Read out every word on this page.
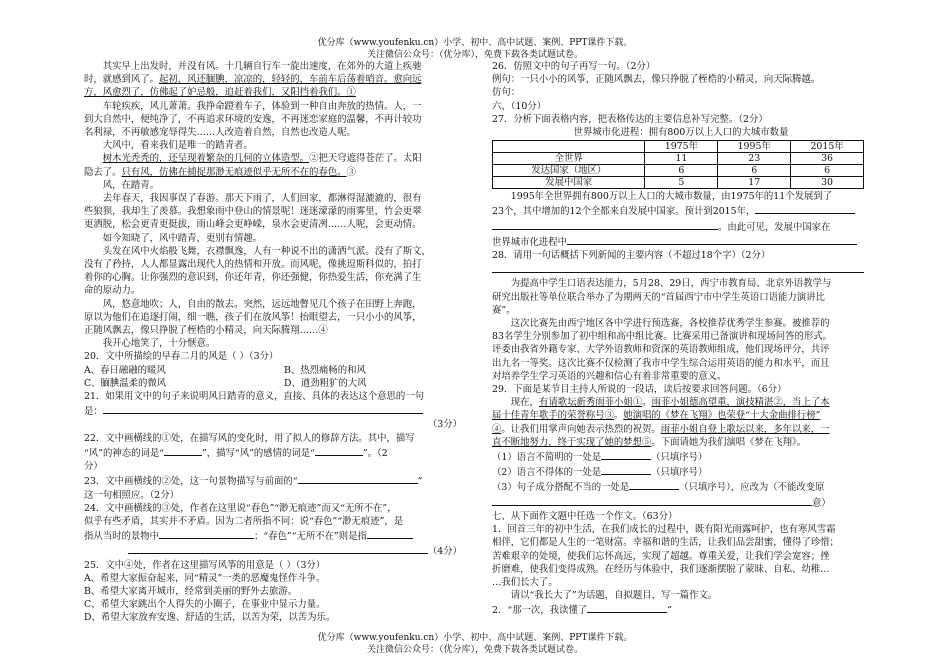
优分库（www.youfenku.cn）小学、初中、高中试题、案例、PPT课件下载。
关注微信公众号：（优分库），免费下载各类试题试卷。

其实早上出发时，并没有风。十几辆自行车一旋出速度，在郊外的大道上疾驰

时，就感到风了。起初，风还腼腆，凉凉的，轻轻的，车前车后荡着哨音。愈向远

方，风愈烈了，仿佛起了妒忌般，追赶着我们，又阳挡着我们。①

车轮疾疾，风儿萧萧。我挣命蹬着车子，体验到一种自由奔放的热情。人，一

到大自然中，便纯净了，不再追求环境的安逸，不再迷恋家庭的温馨，不再计较功

名利禄，不再敏感宠辱得失……人改造着自然，自然也改造人呢。

大风中，看来我们是唯一的踏青者。

树木光秃秃的，还呈现着繁杂的几何的立体造型。②把天穹遮得苍茫了。太阳

隐去了。只有风，仿佛在捕捉那渺无痕迹似乎无所不在的春色。③

风，在踏青。

去年春天，我因事误了春游。那天下雨了，人们回家，都淋得湿漉漉的，很有

些狼狈，我却生了羡慕。我想象雨中登山的情景呢！迷迷濛濛的雨雾里，竹会更翠

更洒脱，松会更青更挺拔，雨山峰会更峥嵘，泉水会更清冽……人呢，会更动情。

如今知晓了，风中踏青，更别有情趣。

头发在风中火焰般飞舞，衣襟飘逸，人有一种说不出的潇洒气派。没有了斯文，

没有了矜持，人人都显露出现代人的热情和开放。而风呢，像挑逗斯科似的，拍打

着你的心胸。让你强烈的意识到，你还年青，你还强健，你热爱生活，你充满了生

命的原动力。

风，悠意地吹；人，自由的散去。突然，远远地瞥见几个孩子在田野上奔跑，

原以为他们在追逐打闹，细一瞧，孩子们在放风筝！抬眼望去，一只小小的风筝，

正随风飘去，像只挣脱了桎梏的小精灵，向天际腾翔……④

我开心地笑了，十分惬意。

20．文中所描绘的早春二月的风是（ ）（3分）

A、春日融融的暖风	B、热烈痛畅的和风

C、腼腆温柔的微风	D、遒劲粗犷的大风

21．如果用文中的句子来说明风日踏青的意义，直接、具体的表达这个意思的一句

是：

（3分）

22．文中画横线的①处，在描写风的变化时，用了拟人的修辞方法。其中，描写

“风”的神态的词是“	”，描写“风”的感情的词是“	”。（2

分）

23．文中画横线的②处，这一句景物描写与前面的“	”

这一句相照应。（2分）

24．文中画横线的③处，作者在这里说“春色”“渺无痕迹”而又“无所不在”，

似乎有些矛盾，其实并不矛盾。因为二者所指不同：说“春色”“渺无痕迹”，是

指从当时的景物中	；“春色”“无所不在”则是指

（4分）

25．文中④处，作者在这里描写风筝的用意是（ ）（3分）

A、希望大家振奋起来，同“精灵”一类的恶魔鬼怪作斗争。

B、希望大家离开城市，经常到美丽的野外去旅游。

C、希望大家跳出个人得失的小圈子，在事业中显示力量。

D、希望大家放弃安逸、舒适的生活，以苦为荣，以苦为乐。

26．仿照文中的句子再写一句。（2分）

例句：一只小小的风筝，正随风飘去，像只挣脱了桎梏的小精灵，向天际腾越。

仿句：

六、（10分）

27．分析下面表格内容，把表格传达的主要信息补写完整。（2分）

世界城市化进程：拥有800万以上人口的大城市数量

	1975年	1995年	2015年
全世界	11	23	36
发达国家（地区）	6	6	6
发展中国家	5	17	30

1995年全世界拥有800万以上人口的大城市数量，由1975年的11个发展到了

23个，其中增加的12个全都来自发展中国家。预计到2015年，

。由此可见，发展中国家在

世界城市化进程中

28．请用一句话概括下列新闻的主要内容（不超过18个字）（2分）

为提高中学生口语表达能力，5月28、29日，西宁市教育局、北京外语教学与

研究出版社等单位联合举办了为期两天的“首届西宁市中学生英语口语能力演讲比

赛”。

这次比赛先由西宁地区各中学进行预选赛，各校推荐优秀学生参赛。被推荐的

83名学生分别参加了初中组和高中组比赛。比赛采用已备演讲和现场问答的形式。

评委由我省外籍专家、大学外语教师和资深的英语教师组成，他们现场评分，共评

出九名一等奖。这次比赛不仅检测了我市中学生综合运用英语的能力和水平，而且

对培养学生学习英语的兴趣和信心有着非常重要的意义。

29．下面是某节目主持人所说的一段话，读后按要求回答问题。（6分）

现在，有请歌坛新秀雨菲小姐①。雨菲小姐德高望重，演技精湛②，当上了本

届十佳青年歌手的荣誉称号③。她演唱的《梦在飞翔》也荣登“十大金曲排行榜”

④。让我们用掌声向她表示热烈的祝贺。雨菲小姐自登上歌坛以来，多年以来，一

直不断地努力，终于实现了她的梦想⑤。下面请她为我们演唱《梦在飞翔》。

（1）语言不简明的一处是	（只填序号）

（2）语言不得体的一处是	（只填序号）

（3）句子成分搭配不当的一处是	（只填序号），应改为（不能改变原

意）

七、从下面作文题中任选一个作文。（63分）

1．回首三年的初中生活，在我们成长的过程中，既有阳光雨露呵护，也有寒风雪霜

相伴，它们都是人生的一笔财富。幸福和谐的生活，让我们品尝甜蜜，懂得了珍惜；

苦难艰辛的处境，使我们忘怀高远，实现了超越。尊重关爱，让我们学会宽容；挫

折磨难，使我们变得成熟。在经历与体验中，我们逐渐摆脱了蒙昧、自私、幼稚…

…我们长大了。

请以“我长大了”为话题，自拟题目，写一篇作文。

2．“那一次，我读懂了	”

优分库（www.youfenku.cn）小学、初中、高中试题、案例、PPT课件下载。
关注微信公众号：（优分库），免费下载各类试题试卷。
